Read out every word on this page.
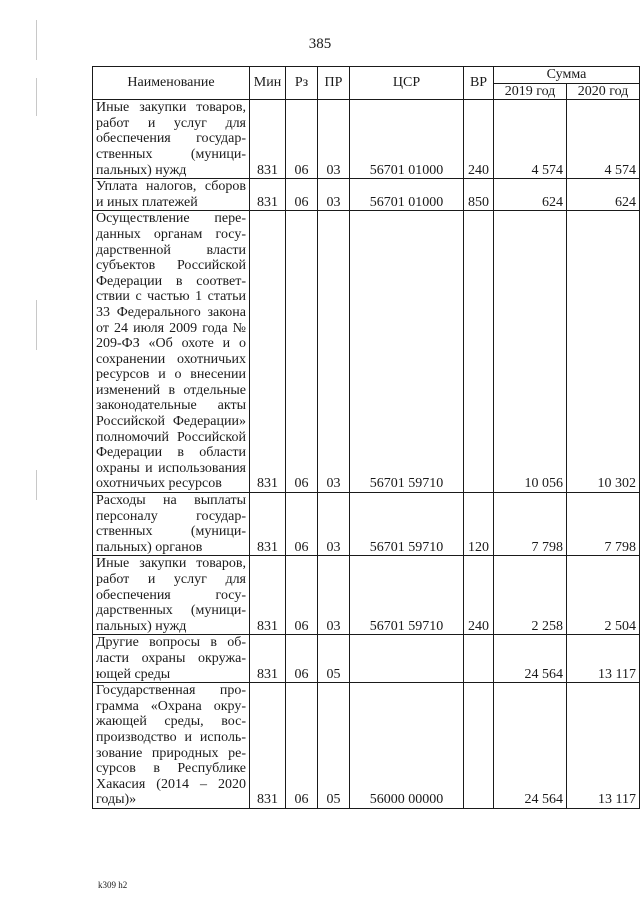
385
Наименование	Мин	Рз	ПР	ЦСР	ВР	Сумма	
						2019 год	2020 год
Иные закупки товаров, работ и услуг для обеспечения государственных (муниципальных) нужд	831	06	03	56701 01000	240	4 574	4 574
Уплата налогов, сборов и иных платежей	831	06	03	56701 01000	850	624	624
Осуществление переданных органам государственной власти субъектов Российской Федерации в соответствии с частью 1 статьи 33 Федерального закона от 24 июля 2009 года № 209-ФЗ «Об охоте и о сохранении охотничьих ресурсов и о внесении изменений в отдельные законодательные акты Российской Федерации» полномочий Российской Федерации в области охраны и использования охотничьих ресурсов	831	06	03	56701 59710		10 056	10 302
Расходы на выплаты персоналу государственных (муниципальных) органов	831	06	03	56701 59710	120	7 798	7 798
Иные закупки товаров, работ и услуг для обеспечения государственных (муниципальных) нужд	831	06	03	56701 59710	240	2 258	2 504
Другие вопросы в области охраны окружающей среды	831	06	05			24 564	13 117
Государственная программа «Охрана окружающей среды, воспроизводство и использование природных ресурсов в Республике Хакасия (2014 – 2020 годы)»	831	06	05	56000 00000		24 564	13 117
k309 h2
